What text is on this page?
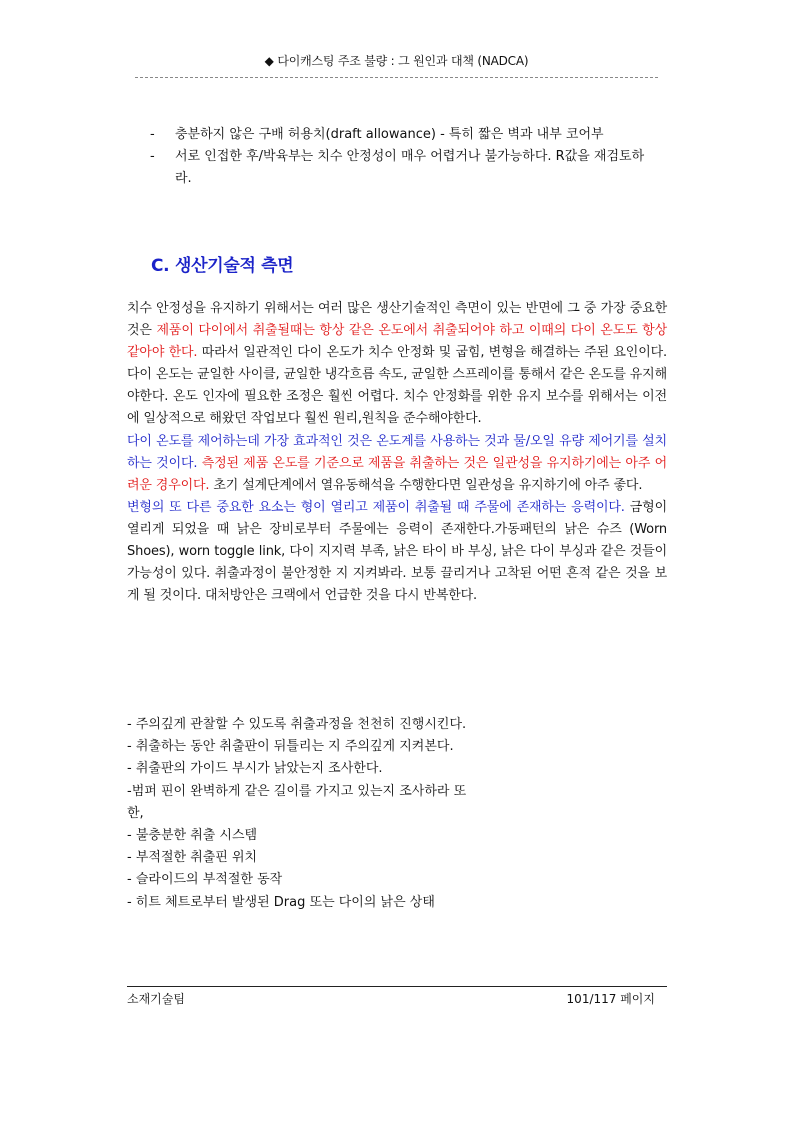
◆ 다이캐스팅 주조 불량 : 그 원인과 대책 (NADCA)
-	충분하지 않은 구배 허용치(draft allowance) - 특히 짧은 벽과 내부 코어부
-	서로 인접한 후/박육부는 치수 안정성이 매우 어렵거나 불가능하다. R값을 재검토하라.
C. 생산기술적 측면

치수 안정성을 유지하기 위해서는 여러 많은 생산기술적인 측면이 있는 반면에 그 중 가장 중요한 것은 제품이 다이에서 취출될때는 항상 같은 온도에서 취출되어야 하고 이때의 다이 온도도 항상 같아야 한다. 따라서 일관적인 다이 온도가 치수 안정화 및 굽힘, 변형을 해결하는 주된 요인이다. 다이 온도는 균일한 사이클, 균일한 냉각흐름 속도, 균일한 스프레이를 통해서 같은 온도를 유지해야한다. 온도 인자에 필요한 조정은 훨씬 어렵다. 치수 안정화를 위한 유지 보수를 위해서는 이전에 일상적으로 해왔던 작업보다 훨씬 원리,원칙을 준수해야한다.

다이 온도를 제어하는데 가장 효과적인 것은 온도계를 사용하는 것과 물/오일 유량 제어기를 설치하는 것이다. 측정된 제품 온도를 기준으로 제품을 취출하는 것은 일관성을 유지하기에는 아주 어려운 경우이다. 초기 설계단계에서 열유동해석을 수행한다면 일관성을 유지하기에 아주 좋다.

변형의 또 다른 중요한 요소는 형이 열리고 제품이 취출될 때 주물에 존재하는 응력이다. 금형이 열리게 되었을 때 낡은 장비로부터 주물에는 응력이 존재한다.가동패턴의 낡은 슈즈 (Worn Shoes), worn toggle link, 다이 지지력 부족, 낡은 타이 바 부싱, 낡은 다이 부싱과 같은 것들이 가능성이 있다. 취출과정이 불안정한 지 지켜봐라. 보통 끌리거나 고착된 어떤 흔적 같은 것을 보게 될 것이다. 대처방안은 크랙에서 언급한 것을 다시 반복한다.

- 주의깊게 관찰할 수 있도록 취출과정을 천천히 진행시킨다.
- 취출하는 동안 취출판이 뒤틀리는 지 주의깊게 지켜본다.
- 취출판의 가이드 부시가 낡았는지 조사한다.
-범퍼 핀이 완벽하게 같은 길이를 가지고 있는지 조사하라 또
한,
- 불충분한 취출 시스템
- 부적절한 취출핀 위치
- 슬라이드의 부적절한 동작
- 히트 체트로부터 발생된 Drag 또는 다이의 낡은 상태
소재기술팀	101/117 페이지
